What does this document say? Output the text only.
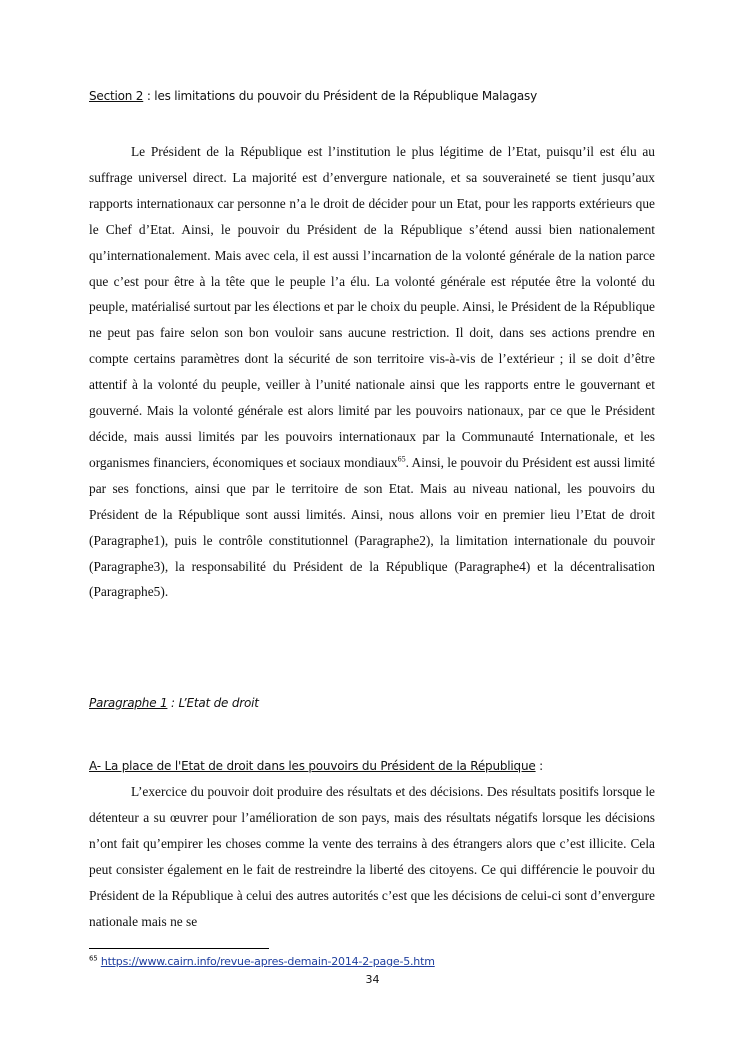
Section 2 : les limitations du pouvoir du Président de la République Malagasy

Le Président de la République est l’institution le plus légitime de l’Etat, puisqu’il est élu au suffrage universel direct. La majorité est d’envergure nationale, et sa souveraineté se tient jusqu’aux rapports internationaux car personne n’a le droit de décider pour un Etat, pour les rapports extérieurs que le Chef d’Etat. Ainsi, le pouvoir du Président de la République s’étend aussi bien nationalement qu’internationalement. Mais avec cela, il est aussi l’incarnation de la volonté générale de la nation parce que c’est pour être à la tête que le peuple l’a élu. La volonté générale est réputée être la volonté du peuple, matérialisé surtout par les élections et par le choix du peuple. Ainsi, le Président de la République ne peut pas faire selon son bon vouloir sans aucune restriction. Il doit, dans ses actions prendre en compte certains paramètres dont la sécurité de son territoire vis-à-vis de l’extérieur ; il se doit d’être attentif à la volonté du peuple, veiller à l’unité nationale ainsi que les rapports entre le gouvernant et gouverné. Mais la volonté générale est alors limité par les pouvoirs nationaux, par ce que le Président décide, mais aussi limités par les pouvoirs internationaux par la Communauté Internationale, et les organismes financiers, économiques et sociaux mondiaux$^{65}$. Ainsi, le pouvoir du Président est aussi limité par ses fonctions, ainsi que par le territoire de son Etat. Mais au niveau national, les pouvoirs du Président de la République sont aussi limités. Ainsi, nous allons voir en premier lieu l’Etat de droit (Paragraphe1), puis le contrôle constitutionnel (Paragraphe2), la limitation internationale du pouvoir (Paragraphe3), la responsabilité du Président de la République (Paragraphe4) et la décentralisation (Paragraphe5).

Paragraphe 1 : L’Etat de droit
A- La place de l'Etat de droit dans les pouvoirs du Président de la République :

L’exercice du pouvoir doit produire des résultats et des décisions. Des résultats positifs lorsque le détenteur a su œuvrer pour l’amélioration de son pays, mais des résultats négatifs lorsque les décisions n’ont fait qu’empirer les choses comme la vente des terrains à des étrangers alors que c’est illicite. Cela peut consister également en le fait de restreindre la liberté des citoyens. Ce qui différencie le pouvoir du Président de la République à celui des autres autorités c’est que les décisions de celui-ci sont d’envergure nationale mais ne se

$^{65}$ https://www.cairn.info/revue-apres-demain-2014-2-page-5.htm
34
